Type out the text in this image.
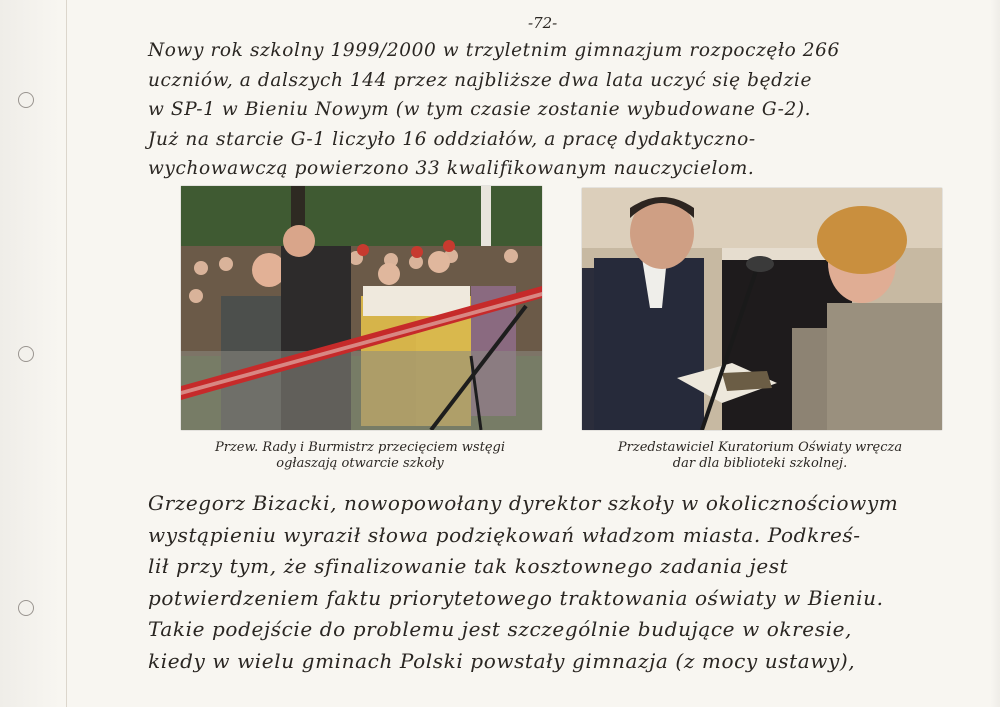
-72-
Nowy rok szkolny 1999/2000 w trzyletnim gimnazjum rozpoczęło 266
uczniów, a dalszych 144 przez najbliższe dwa lata uczyć się będzie
w SP-1 w Bieniu Nowym (w tym czasie zostanie wybudowane G-2).
Już na starcie G-1 liczyło 16 oddziałów, a pracę dydaktyczno-
wychowawczą powierzono 33 kwalifikowanym nauczycielom.
Przew. Rady i Burmistrz przecięciem wstęgi
ogłaszają otwarcie szkoły
Przedstawiciel Kuratorium Oświaty wręcza
dar dla biblioteki szkolnej.
Grzegorz Bizacki, nowopowołany dyrektor szkoły w okolicznościowym
wystąpieniu wyraził słowa podziękowań władzom miasta. Podkreś-
lił przy tym, że sfinalizowanie tak kosztownego zadania jest
potwierdzeniem faktu priorytetowego traktowania oświaty w Bieniu.
Takie podejście do problemu jest szczególnie budujące w okresie,
kiedy w wielu gminach Polski powstały gimnazja (z mocy ustawy),
